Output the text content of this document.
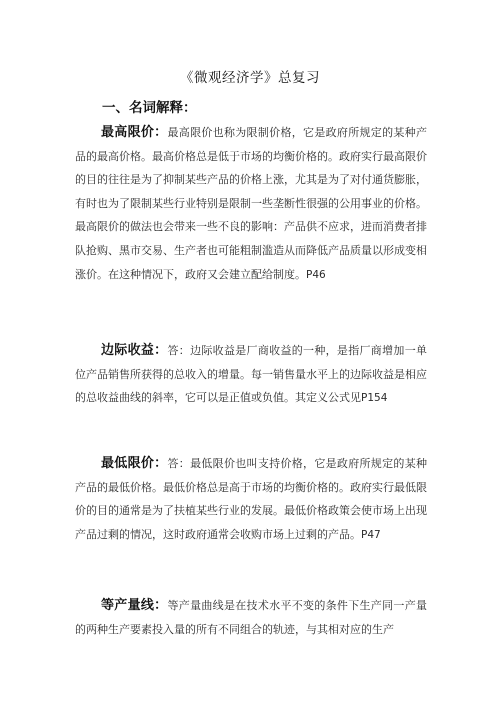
《微观经济学》总复习
一、名词解释：

最高限价：最高限价也称为限制价格，它是政府所规定的某种产品的最高价格。最高价格总是低于市场的均衡价格的。政府实行最高限价的目的往往是为了抑制某些产品的价格上涨，尤其是为了对付通货膨胀，有时也为了限制某些行业特别是限制一些垄断性很强的公用事业的价格。最高限价的做法也会带来一些不良的影响：产品供不应求，进而消费者排队抢购、黑市交易、生产者也可能粗制滥造从而降低产品质量以形成变相涨价。在这种情况下，政府又会建立配给制度。P46

边际收益：答：边际收益是厂商收益的一种，是指厂商增加一单位产品销售所获得的总收入的增量。每一销售量水平上的边际收益是相应的总收益曲线的斜率，它可以是正值或负值。其定义公式见P154

最低限价：答：最低限价也叫支持价格，它是政府所规定的某种产品的最低价格。最低价格总是高于市场的均衡价格的。政府实行最低限价的目的通常是为了扶植某些行业的发展。最低价格政策会使市场上出现产品过剩的情况，这时政府通常会收购市场上过剩的产品。P47

等产量线：等产量曲线是在技术水平不变的条件下生产同一产量的两种生产要素投入量的所有不同组合的轨迹，与其相对应的生产
